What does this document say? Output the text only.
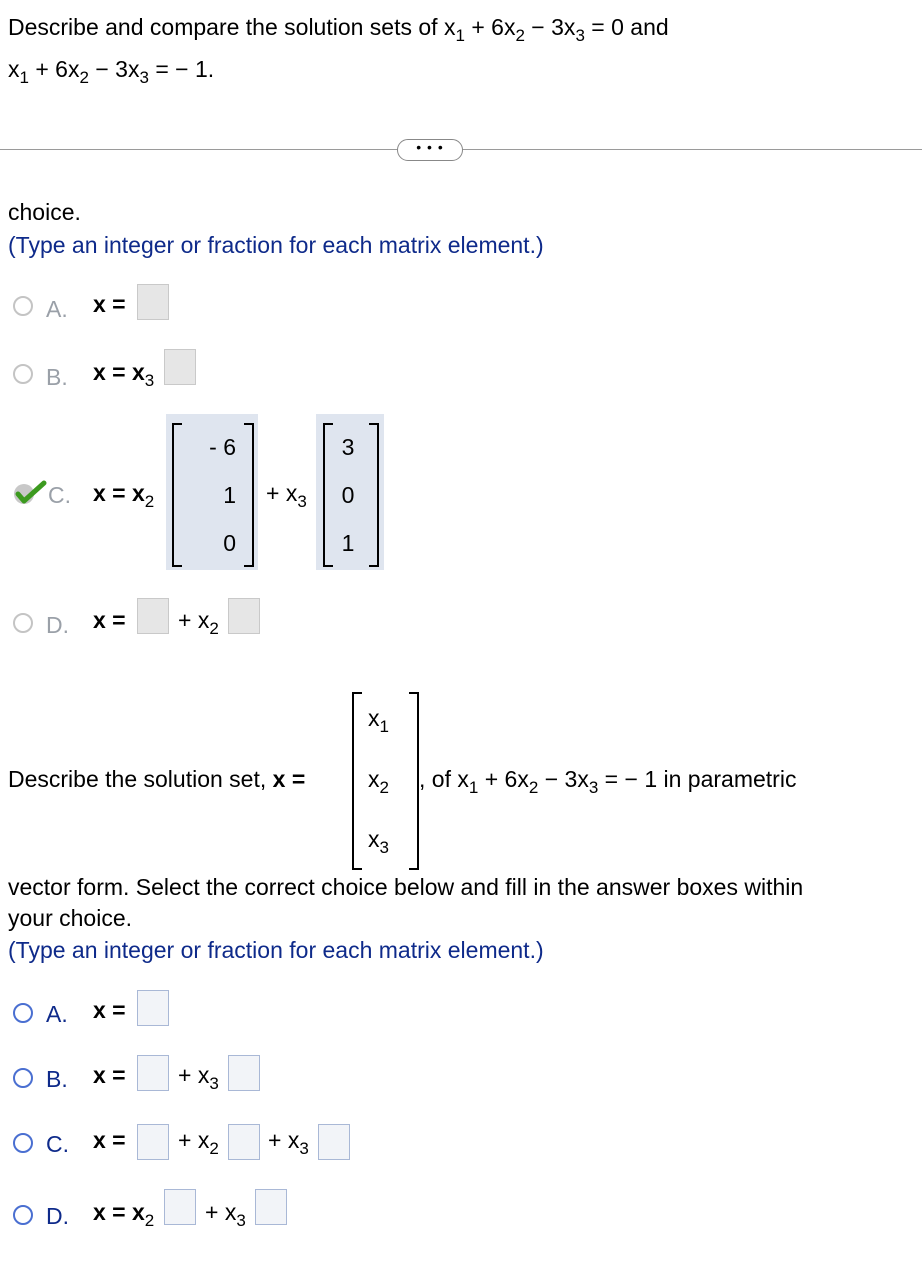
Describe and compare the solution sets of $x_1 + 6x_2 - 3x_3 = 0$ and
$x_1 + 6x_2 - 3x_3$ = − 1.
• • •
choice.
(Type an integer or fraction for each matrix element.)
A. x =
B. $x = x_3$
C. $x = x_2$
- 6
1
0
+ $x_3$
3
0
1
D. x = + $x_2$
$x_1$
$x_2$
$x_3$
Describe the solution set, x =	, of $x_1 + 6x_2 - 3x_3$ = − 1 in parametric
vector form. Select the correct choice below and fill in the answer boxes within
your choice.
(Type an integer or fraction for each matrix element.)
A. x =
B. x = + $x_3$
C. x = + $x_2 + x_3$
D. $x = x_2 + x_3$
